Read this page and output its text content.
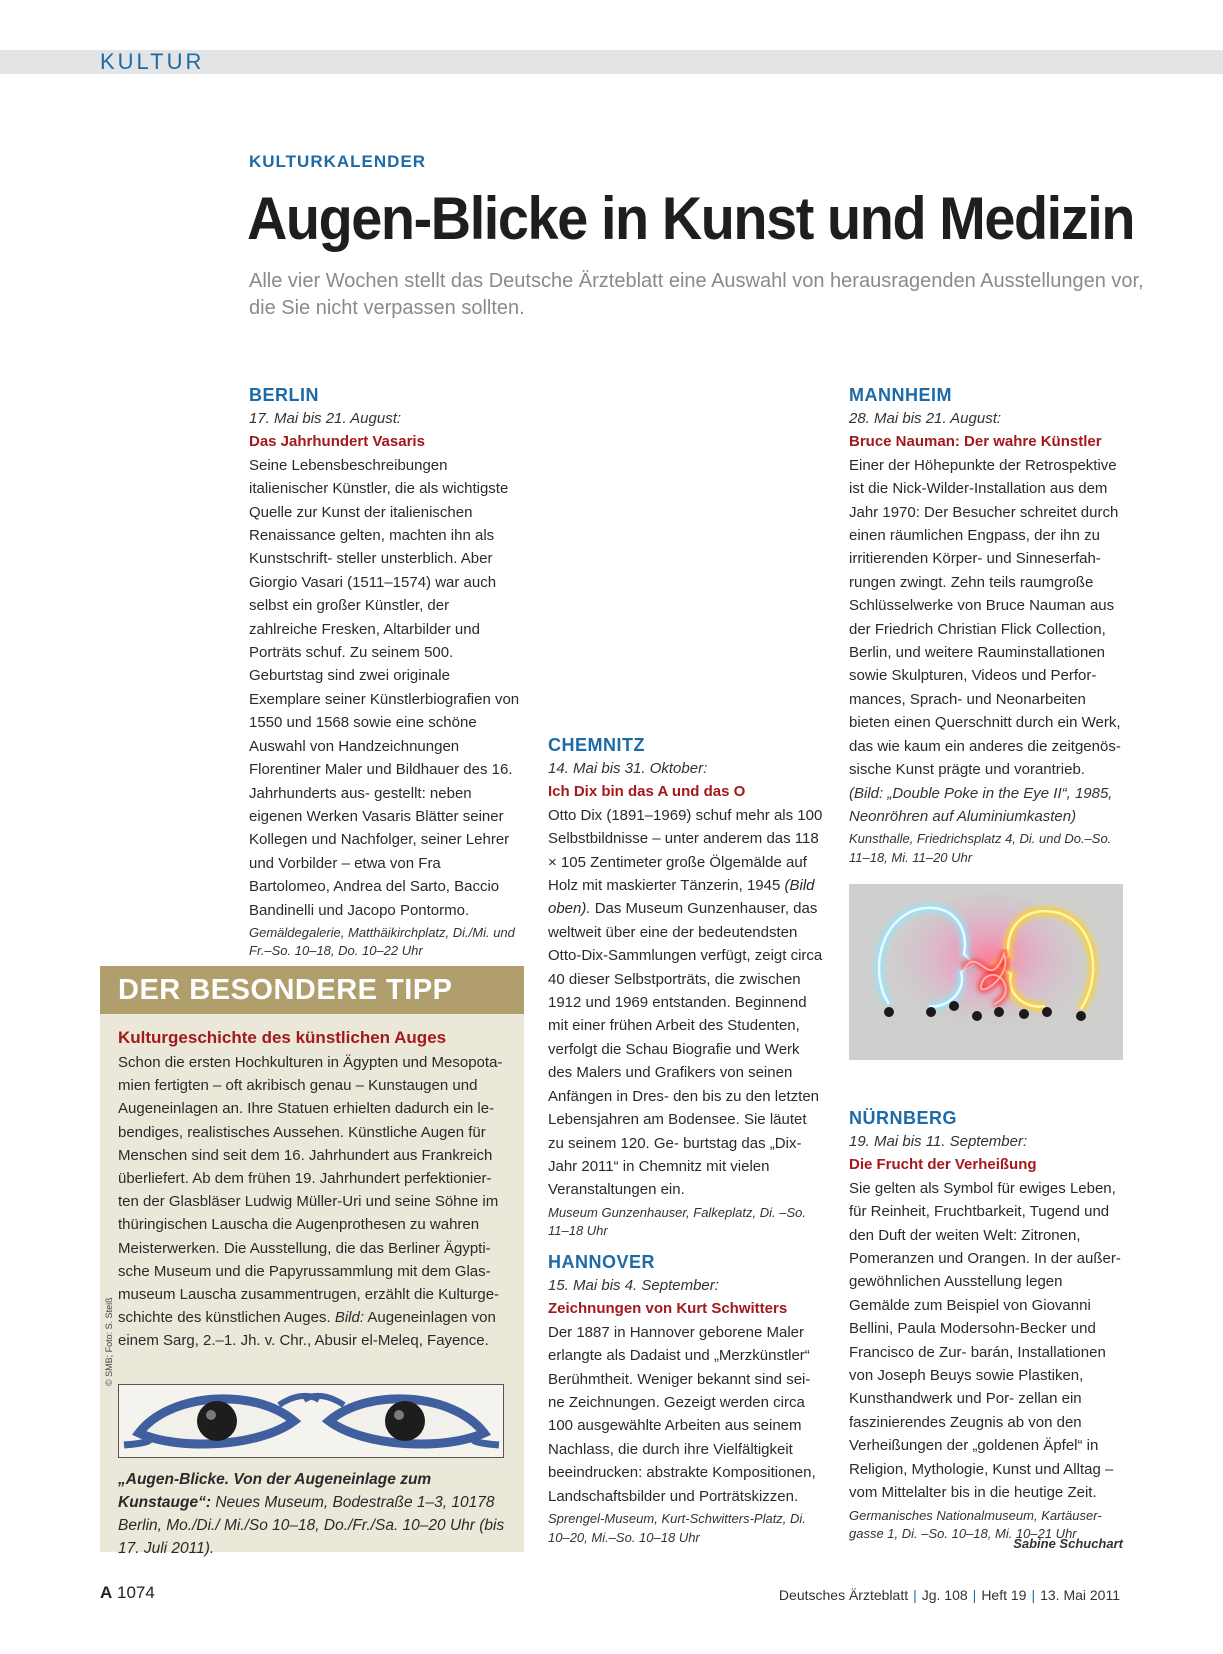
KULTUR
KULTURKALENDER
Augen-Blicke in Kunst und Medizin
Alle vier Wochen stellt das Deutsche Ärzteblatt eine Auswahl von herausragenden Ausstellungen vor, die Sie nicht verpassen sollten.
BERLIN
17. Mai bis 21. August:
Das Jahrhundert Vasaris
Seine Lebensbeschreibungen italienischer Künstler, die als wichtigste Quelle zur Kunst der italienischen Renaissance gelten, machten ihn als Kunstschrift- steller unsterblich. Aber Giorgio Vasari (1511–1574) war auch selbst ein großer Künstler, der zahlreiche Fresken, Altarbilder und Porträts schuf. Zu seinem 500. Geburtstag sind zwei originale Exemplare seiner Künstlerbiografien von 1550 und 1568 sowie eine schöne Auswahl von Handzeichnungen Florentiner Maler und Bildhauer des 16. Jahrhunderts aus- gestellt: neben eigenen Werken Vasaris Blätter seiner Kollegen und Nachfolger, seiner Lehrer und Vorbilder – etwa von Fra Bartolomeo, Andrea del Sarto, Baccio Bandinelli und Jacopo Pontormo.
Gemäldegalerie, Matthäikirchplatz, Di./Mi. und Fr.–So. 10–18, Do. 10–22 Uhr
CHEMNITZ
14. Mai bis 31. Oktober:
Ich Dix bin das A und das O
Otto Dix (1891–1969) schuf mehr als 100 Selbstbildnisse – unter anderem das 118 × 105 Zentimeter große Ölgemälde auf Holz mit maskierter Tänzerin, 1945 (Bild oben). Das Museum Gunzenhauser, das weltweit über eine der bedeutendsten Otto-Dix-Sammlungen verfügt, zeigt circa 40 dieser Selbstporträts, die zwischen 1912 und 1969 entstanden. Beginnend mit einer frühen Arbeit des Studenten, verfolgt die Schau Biografie und Werk des Malers und Grafikers von seinen Anfängen in Dres- den bis zu den letzten Lebensjahren am Bodensee. Sie läutet zu seinem 120. Ge- burtstag das „Dix-Jahr 2011“ in Chemnitz mit vielen Veranstaltungen ein.
Museum Gunzenhauser, Falkeplatz, Di. –So. 11–18 Uhr
HANNOVER
15. Mai bis 4. September:
Zeichnungen von Kurt Schwitters
Der 1887 in Hannover geborene Maler erlangte als Dadaist und „Merzkünstler“ Berühmtheit. Weniger bekannt sind sei- ne Zeichnungen. Gezeigt werden circa 100 ausgewählte Arbeiten aus seinem Nachlass, die durch ihre Vielfältigkeit beeindrucken: abstrakte Kompositionen, Landschaftsbilder und Porträtskizzen.
Sprengel-Museum, Kurt-Schwitters-Platz, Di. 10–20, Mi.–So. 10–18 Uhr
MANNHEIM
28. Mai bis 21. August:
Bruce Nauman: Der wahre Künstler
Einer der Höhepunkte der Retrospektive ist die Nick-Wilder-Installation aus dem Jahr 1970: Der Besucher schreitet durch einen räumlichen Engpass, der ihn zu irritierenden Körper- und Sinneserfah- rungen zwingt. Zehn teils raumgroße Schlüsselwerke von Bruce Nauman aus der Friedrich Christian Flick Collection, Berlin, und weitere Rauminstallationen sowie Skulpturen, Videos und Perfor- mances, Sprach- und Neonarbeiten bieten einen Querschnitt durch ein Werk, das wie kaum ein anderes die zeitgenös- sische Kunst prägte und vorantrieb.
(Bild: „Double Poke in the Eye II“, 1985, Neonröhren auf Aluminiumkasten)
Kunsthalle, Friedrichsplatz 4, Di. und Do.–So. 11–18, Mi. 11–20 Uhr
NÜRNBERG
19. Mai bis 11. September:
Die Frucht der Verheißung
Sie gelten als Symbol für ewiges Leben, für Reinheit, Fruchtbarkeit, Tugend und den Duft der weiten Welt: Zitronen, Pomeranzen und Orangen. In der außer- gewöhnlichen Ausstellung legen Gemälde zum Beispiel von Giovanni Bellini, Paula Modersohn-Becker und Francisco de Zur- barán, Installationen von Joseph Beuys sowie Plastiken, Kunsthandwerk und Por- zellan ein faszinierendes Zeugnis ab von den Verheißungen der „goldenen Äpfel“ in Religion, Mythologie, Kunst und Alltag – vom Mittelalter bis in die heutige Zeit.
Germanisches Nationalmuseum, Kartäuser- gasse 1, Di. –So. 10–18, Mi. 10–21 Uhr
Sabine Schuchart
DER BESONDERE TIPP
Kulturgeschichte des künstlichen Auges
Schon die ersten Hochkulturen in Ägypten und Mesopota- mien fertigten – oft akribisch genau – Kunstaugen und Augeneinlagen an. Ihre Statuen erhielten dadurch ein le- bendiges, realistisches Aussehen. Künstliche Augen für Menschen sind seit dem 16. Jahrhundert aus Frankreich überliefert. Ab dem frühen 19. Jahrhundert perfektionier- ten der Glasbläser Ludwig Müller-Uri und seine Söhne im thüringischen Lauscha die Augenprothesen zu wahren Meisterwerken. Die Ausstellung, die das Berliner Ägypti- sche Museum und die Papyrussammlung mit dem Glas- museum Lauscha zusammentrugen, erzählt die Kulturge- schichte des künstlichen Auges. Bild: Augeneinlagen von einem Sarg, 2.–1. Jh. v. Chr., Abusir el-Meleq, Fayence.
„Augen-Blicke. Von der Augeneinlage zum Kunstauge“: Neues Museum, Bodestraße 1–3, 10178 Berlin, Mo./Di./ Mi./So 10–18, Do./Fr./Sa. 10–20 Uhr (bis 17. Juli 2011).
© SMB; Foto: S. Steiß
A 1074	Deutsches Ärzteblatt | Jg. 108 | Heft 19 | 13. Mai 2011
